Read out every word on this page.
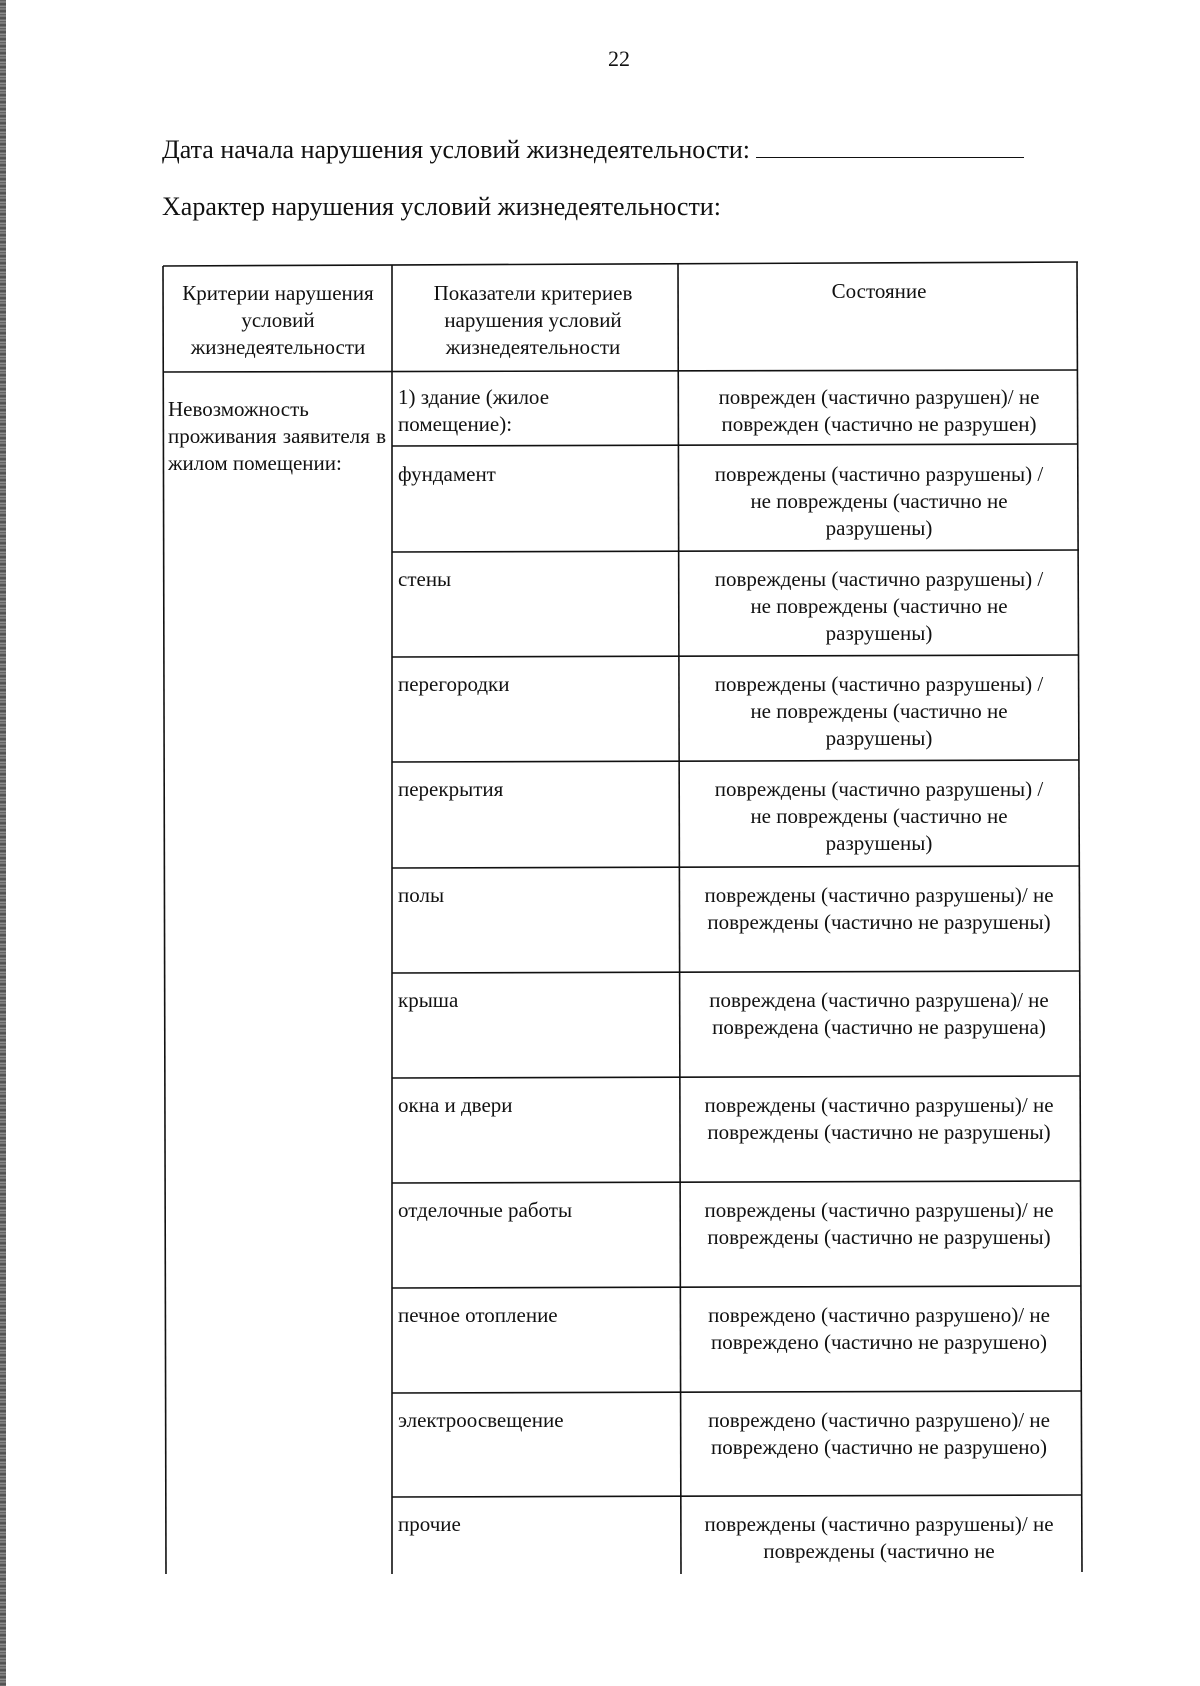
22
Дата начала нарушения условий жизнедеятельности:
Характер нарушения условий жизнедеятельности:
Критерии нарушения условий жизнедеятельности
Показатели критериев нарушения условий жизнедеятельности
Состояние
Невозможность проживания заявителя в жилом помещении:
1) здание (жилое помещение):
фундамент
стены
перегородки
перекрытия
полы
крыша
окна и двери
отделочные работы
печное отопление
электроосвещение
прочие
поврежден (частично разрушен)/ не поврежден (частично не разрушен)
повреждены (частично разрушены) / не повреждены (частично не разрушены)
повреждены (частично разрушены) / не повреждены (частично не разрушены)
повреждены (частично разрушены) / не повреждены (частично не разрушены)
повреждены (частично разрушены) / не повреждены (частично не разрушены)
повреждены (частично разрушены)/ не повреждены (частично не разрушены)
повреждена (частично разрушена)/ не повреждена (частично не разрушена)
повреждены (частично разрушены)/ не повреждены (частично не разрушены)
повреждены (частично разрушены)/ не повреждены (частично не разрушены)
повреждено (частично разрушено)/ не повреждено (частично не разрушено)
повреждено (частично разрушено)/ не повреждено (частично не разрушено)
повреждены (частично разрушены)/ не повреждены (частично не
